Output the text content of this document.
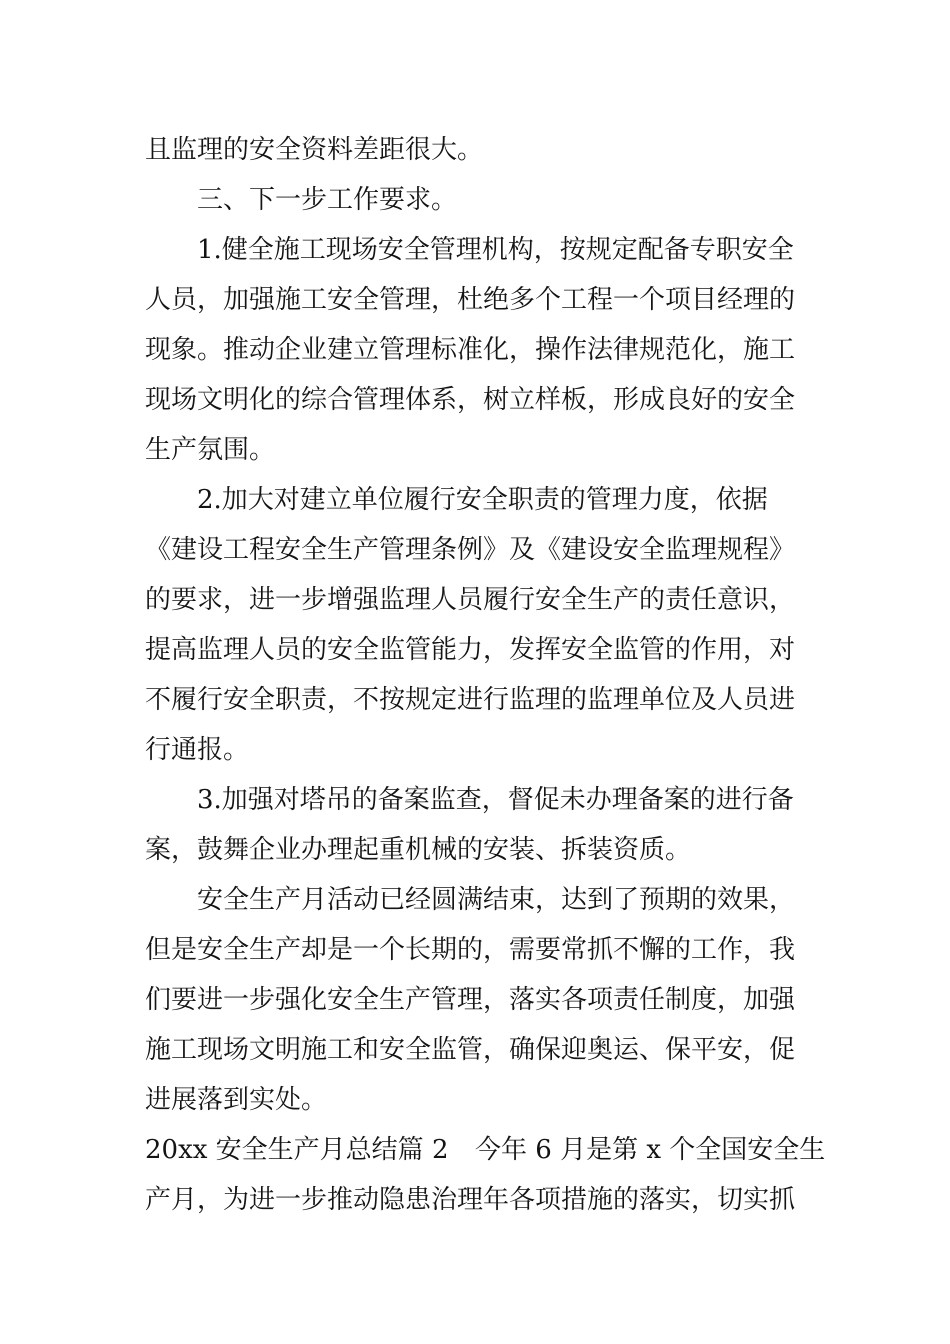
且监理的安全资料差距很大。
三、下一步工作要求。
1.健全施工现场安全管理机构，按规定配备专职安全
人员，加强施工安全管理，杜绝多个工程一个项目经理的
现象。推动企业建立管理标准化，操作法律规范化，施工
现场文明化的综合管理体系，树立样板，形成良好的安全
生产氛围。
2.加大对建立单位履行安全职责的管理力度，依据
《建设工程安全生产管理条例》及《建设安全监理规程》
的要求，进一步增强监理人员履行安全生产的责任意识，
提高监理人员的安全监管能力，发挥安全监管的作用，对
不履行安全职责，不按规定进行监理的监理单位及人员进
行通报。
3.加强对塔吊的备案监查，督促未办理备案的进行备
案，鼓舞企业办理起重机械的安装、拆装资质。
安全生产月活动已经圆满结束，达到了预期的效果，
但是安全生产却是一个长期的，需要常抓不懈的工作，我
们要进一步强化安全生产管理，落实各项责任制度，加强
施工现场文明施工和安全监管，确保迎奥运、保平安，促
进展落到实处。
20xx 安全生产月总结篇 2 今年 6 月是第 x 个全国安全生
产月，为进一步推动隐患治理年各项措施的落实，切实抓
